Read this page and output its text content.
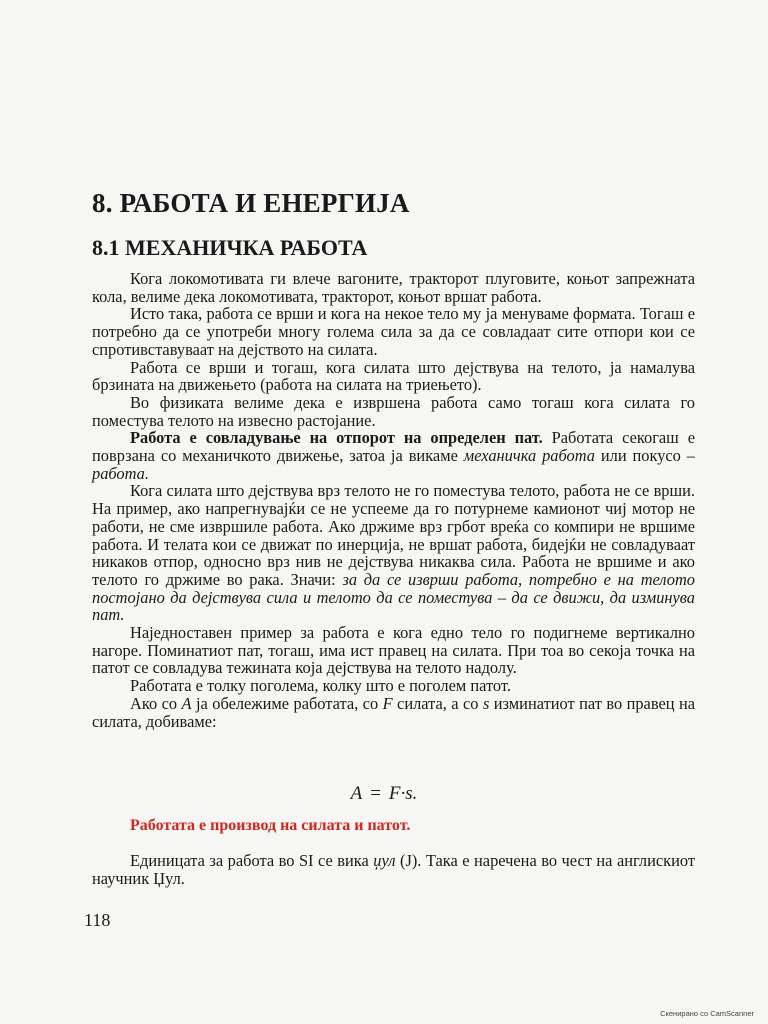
8. РАБОТА И ЕНЕРГИЈА
8.1 МЕХАНИЧКА РАБОТА

Кога локомотивата ги влече вагоните, тракторот плуговите, коњот запрежната кола, велиме дека локомотивата, тракторот, коњот вршат работа.

Исто така, работа се врши и кога на некое тело му ја менуваме формата. Тогаш е потребно да се употреби многу голема сила за да се совладаат сите отпори кои се спротивставуваат на дејството на силата.

Работа се врши и тогаш, кога силата што дејствува на телото, ја намалува брзината на движењето (работа на силата на триењето).

Во физиката велиме дека е извршена работа само тогаш кога силата го поместува телото на извесно растојание.

Работа е совладување на отпорот на определен пат. Работата секогаш е поврзана со механичкото движење, затоа ја викаме механичка работа или покусо – работа.

Кога силата што дејствува врз телото не го поместува телото, работа не се врши. На пример, ако напрегнувајќи се не успееме да го потурнеме камионот чиј мотор не работи, не сме извршиле работа. Ако држиме врз грбот вреќа со компири не вршиме работа. И телата кои се движат по инерција, не вршат работа, бидејќи не совладуваат никаков отпор, односно врз нив не дејствува никаква сила. Работа не вршиме и ако телото го држиме во рака. Значи: за да се изврши работа, потребно е на телото постојано да дејствува сила и телото да се поместува – да се движи, да изминува пат.

Наједноставен пример за работа е кога едно тело го подигнеме вертикално нагоре. Поминатиот пат, тогаш, има ист правец на силата. При тоа во секоја точка на патот се совладува тежината која дејствува на телото надолу.

Работата е толку поголема, колку што е поголем патот.

Ако со A ја обележиме работата, со F силата, а со s изминатиот пат во правец на силата, добиваме:

A = F·s.

Работата е производ на силата и патот.

Единицата за работа во SI се вика џул (J). Така е наречена во чест на англискиот научник Џул.

118

Скенирано со CamScanner
